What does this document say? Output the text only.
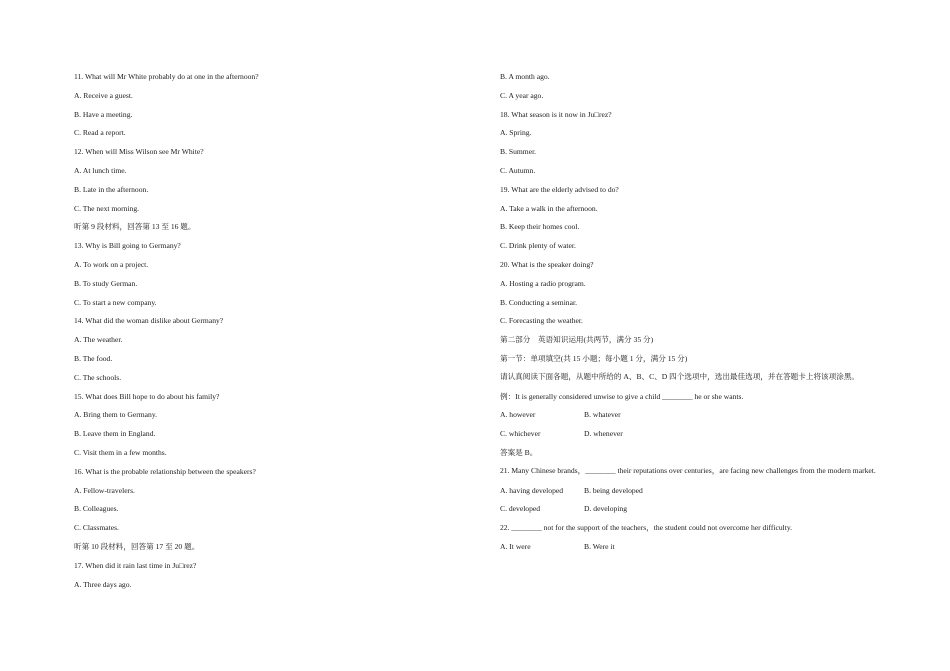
11. What will Mr White probably do at one in the afternoon?
A. Receive a guest.
B. Have a meeting.
C. Read a report.
12. When will Miss Wilson see Mr White?
A. At lunch time.
B. Late in the afternoon.
C. The next morning.
听第 9 段材料，回答第 13 至 16 题。
13. Why is Bill going to Germany?
A. To work on a project.
B. To study German.
C. To start a new company.
14. What did the woman dislike about Germany?
A. The weather.
B. The food.
C. The schools.
15. What does Bill hope to do about his family?
A. Bring them to Germany.
B. Leave them in England.
C. Visit them in a few months.
16. What is the probable relationship between the speakers?
A. Fellow-travelers.
B. Colleagues.
C. Classmates.
听第 10 段材料，回答第 17 至 20 题。
17. When did it rain last time in Ju□rez?
A. Three days ago.
B. A month ago.
C. A year ago.
18. What season is it now in Ju□rez?
A. Spring.
B. Summer.
C. Autumn.
19. What are the elderly advised to do?
A. Take a walk in the afternoon.
B. Keep their homes cool.
C. Drink plenty of water.
20. What is the speaker doing?
A. Hosting a radio program.
B. Conducting a seminar.
C. Forecasting the weather.
第二部分　英语知识运用(共两节，满分 35 分)
第一节：单项填空(共 15 小题；每小题 1 分，满分 15 分)
请认真阅读下面各题，从题中所给的 A、B、C、D 四个选项中，选出最佳选项，并在答题卡上将该项涂黑。
例：It is generally considered unwise to give a child ________ he or she wants.
A. however	B. whatever
C. whichever	D. whenever
答案是 B。
21. Many Chinese brands，________ their reputations over centuries，are facing new challenges from the modern market.
A. having developed	B. being developed
C. developed	D. developing
22. ________ not for the support of the teachers，the student could not overcome her difficulty.
A. It were	B. Were it
